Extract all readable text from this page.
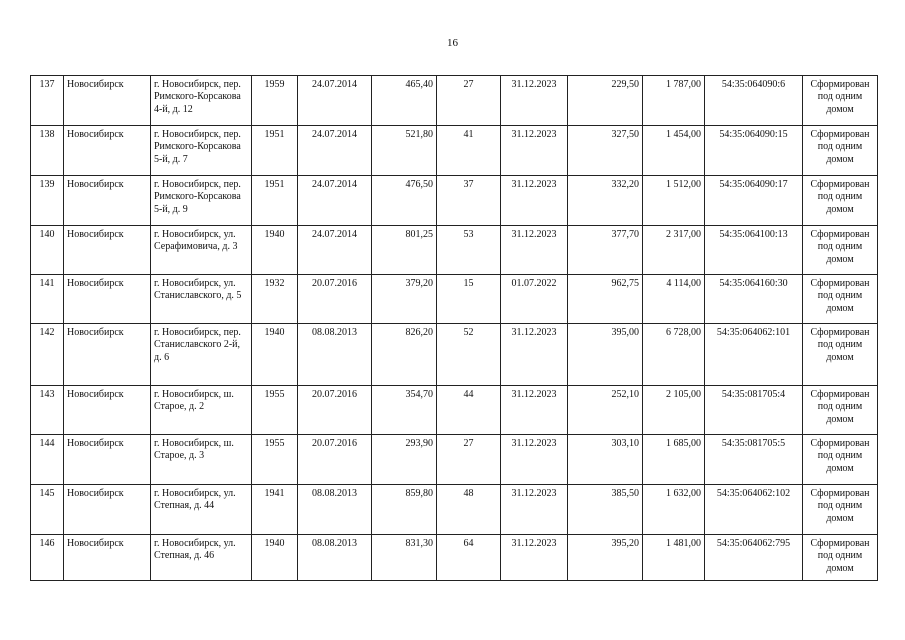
16
137	Новосибирск	г. Новосибирск, пер. Римского-Корсакова 4-й, д. 12	1959	24.07.2014	465,40	27	31.12.2023	229,50	1 787,00	54:35:064090:6	Сформирован под одним домом
138	Новосибирск	г. Новосибирск, пер. Римского-Корсакова 5-й, д. 7	1951	24.07.2014	521,80	41	31.12.2023	327,50	1 454,00	54:35:064090:15	Сформирован под одним домом
139	Новосибирск	г. Новосибирск, пер. Римского-Корсакова 5-й, д. 9	1951	24.07.2014	476,50	37	31.12.2023	332,20	1 512,00	54:35:064090:17	Сформирован под одним домом
140	Новосибирск	г. Новосибирск, ул. Серафимовича, д. 3	1940	24.07.2014	801,25	53	31.12.2023	377,70	2 317,00	54:35:064100:13	Сформирован под одним домом
141	Новосибирск	г. Новосибирск, ул. Станиславского, д. 5	1932	20.07.2016	379,20	15	01.07.2022	962,75	4 114,00	54:35:064160:30	Сформирован под одним домом
142	Новосибирск	г. Новосибирск, пер. Станиславского 2-й, д. 6	1940	08.08.2013	826,20	52	31.12.2023	395,00	6 728,00	54:35:064062:101	Сформирован под одним домом
143	Новосибирск	г. Новосибирск, ш. Старое, д. 2	1955	20.07.2016	354,70	44	31.12.2023	252,10	2 105,00	54:35:081705:4	Сформирован под одним домом
144	Новосибирск	г. Новосибирск, ш. Старое, д. 3	1955	20.07.2016	293,90	27	31.12.2023	303,10	1 685,00	54:35:081705:5	Сформирован под одним домом
145	Новосибирск	г. Новосибирск, ул. Степная, д. 44	1941	08.08.2013	859,80	48	31.12.2023	385,50	1 632,00	54:35:064062:102	Сформирован под одним домом
146	Новосибирск	г. Новосибирск, ул. Степная, д. 46	1940	08.08.2013	831,30	64	31.12.2023	395,20	1 481,00	54:35:064062:795	Сформирован под одним домом
